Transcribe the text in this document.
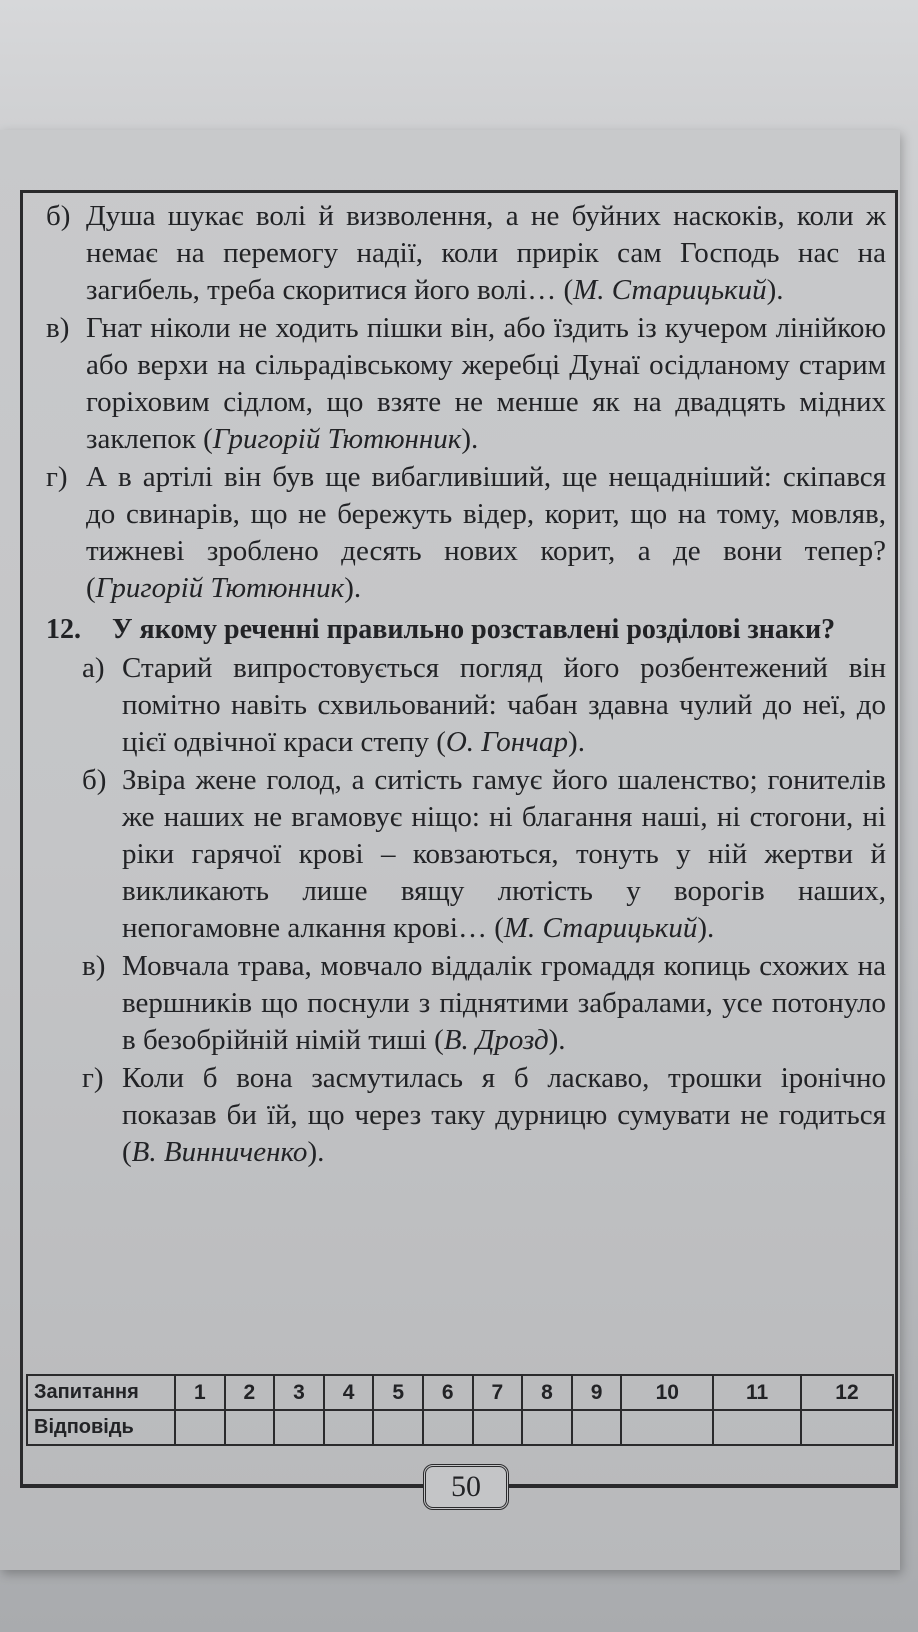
б) Душа шукає волі й визволення, а не буйних наскоків, коли ж немає на перемогу надії, коли прирік сам Господь нас на загибель, треба скоритися його волі… (М. Старицький).
в) Гнат ніколи не ходить пішки він, або їздить із кучером лінійкою або верхи на сільрадівському жеребці Дунаї осідланому старим горіховим сідлом, що взяте не менше як на двадцять мідних заклепок (Григорій Тютюнник).
г) А в артілі він був ще вибагливіший, ще нещадніший: скіпався до свинарів, що не бережуть відер, корит, що на тому, мовляв, тижневі зроблено десять нових корит, а де вони тепер? (Григорій Тютюнник).
12.	У якому реченні правильно розставлені розділові знаки?
а) Старий випростовується погляд його розбентежений він помітно навіть схвильований: чабан здавна чулий до неї, до цієї одвічної краси степу (О. Гончар).
б) Звіра жене голод, а ситість гамує його шаленство; гонителів же наших не вгамовує ніщо: ні благання наші, ні стогони, ні ріки гарячої крові – ковзаються, тонуть у ній жертви й викликають лише вящу лютість у ворогів наших, непогамовне алкання крові… (М. Старицький).
в) Мовчала трава, мовчало віддалік громаддя копиць схожих на вершників що поснули з піднятими забралами, усе потонуло в безобрійній німій тиші (В. Дрозд).
г) Коли б вона засмутилась я б ласкаво, трошки іронічно показав би їй, що через таку дурницю сумувати не годиться (В. Винниченко).
Запитання	1	2	3	4	5	6	7	8	9	10	11	12
Відповідь												
50
